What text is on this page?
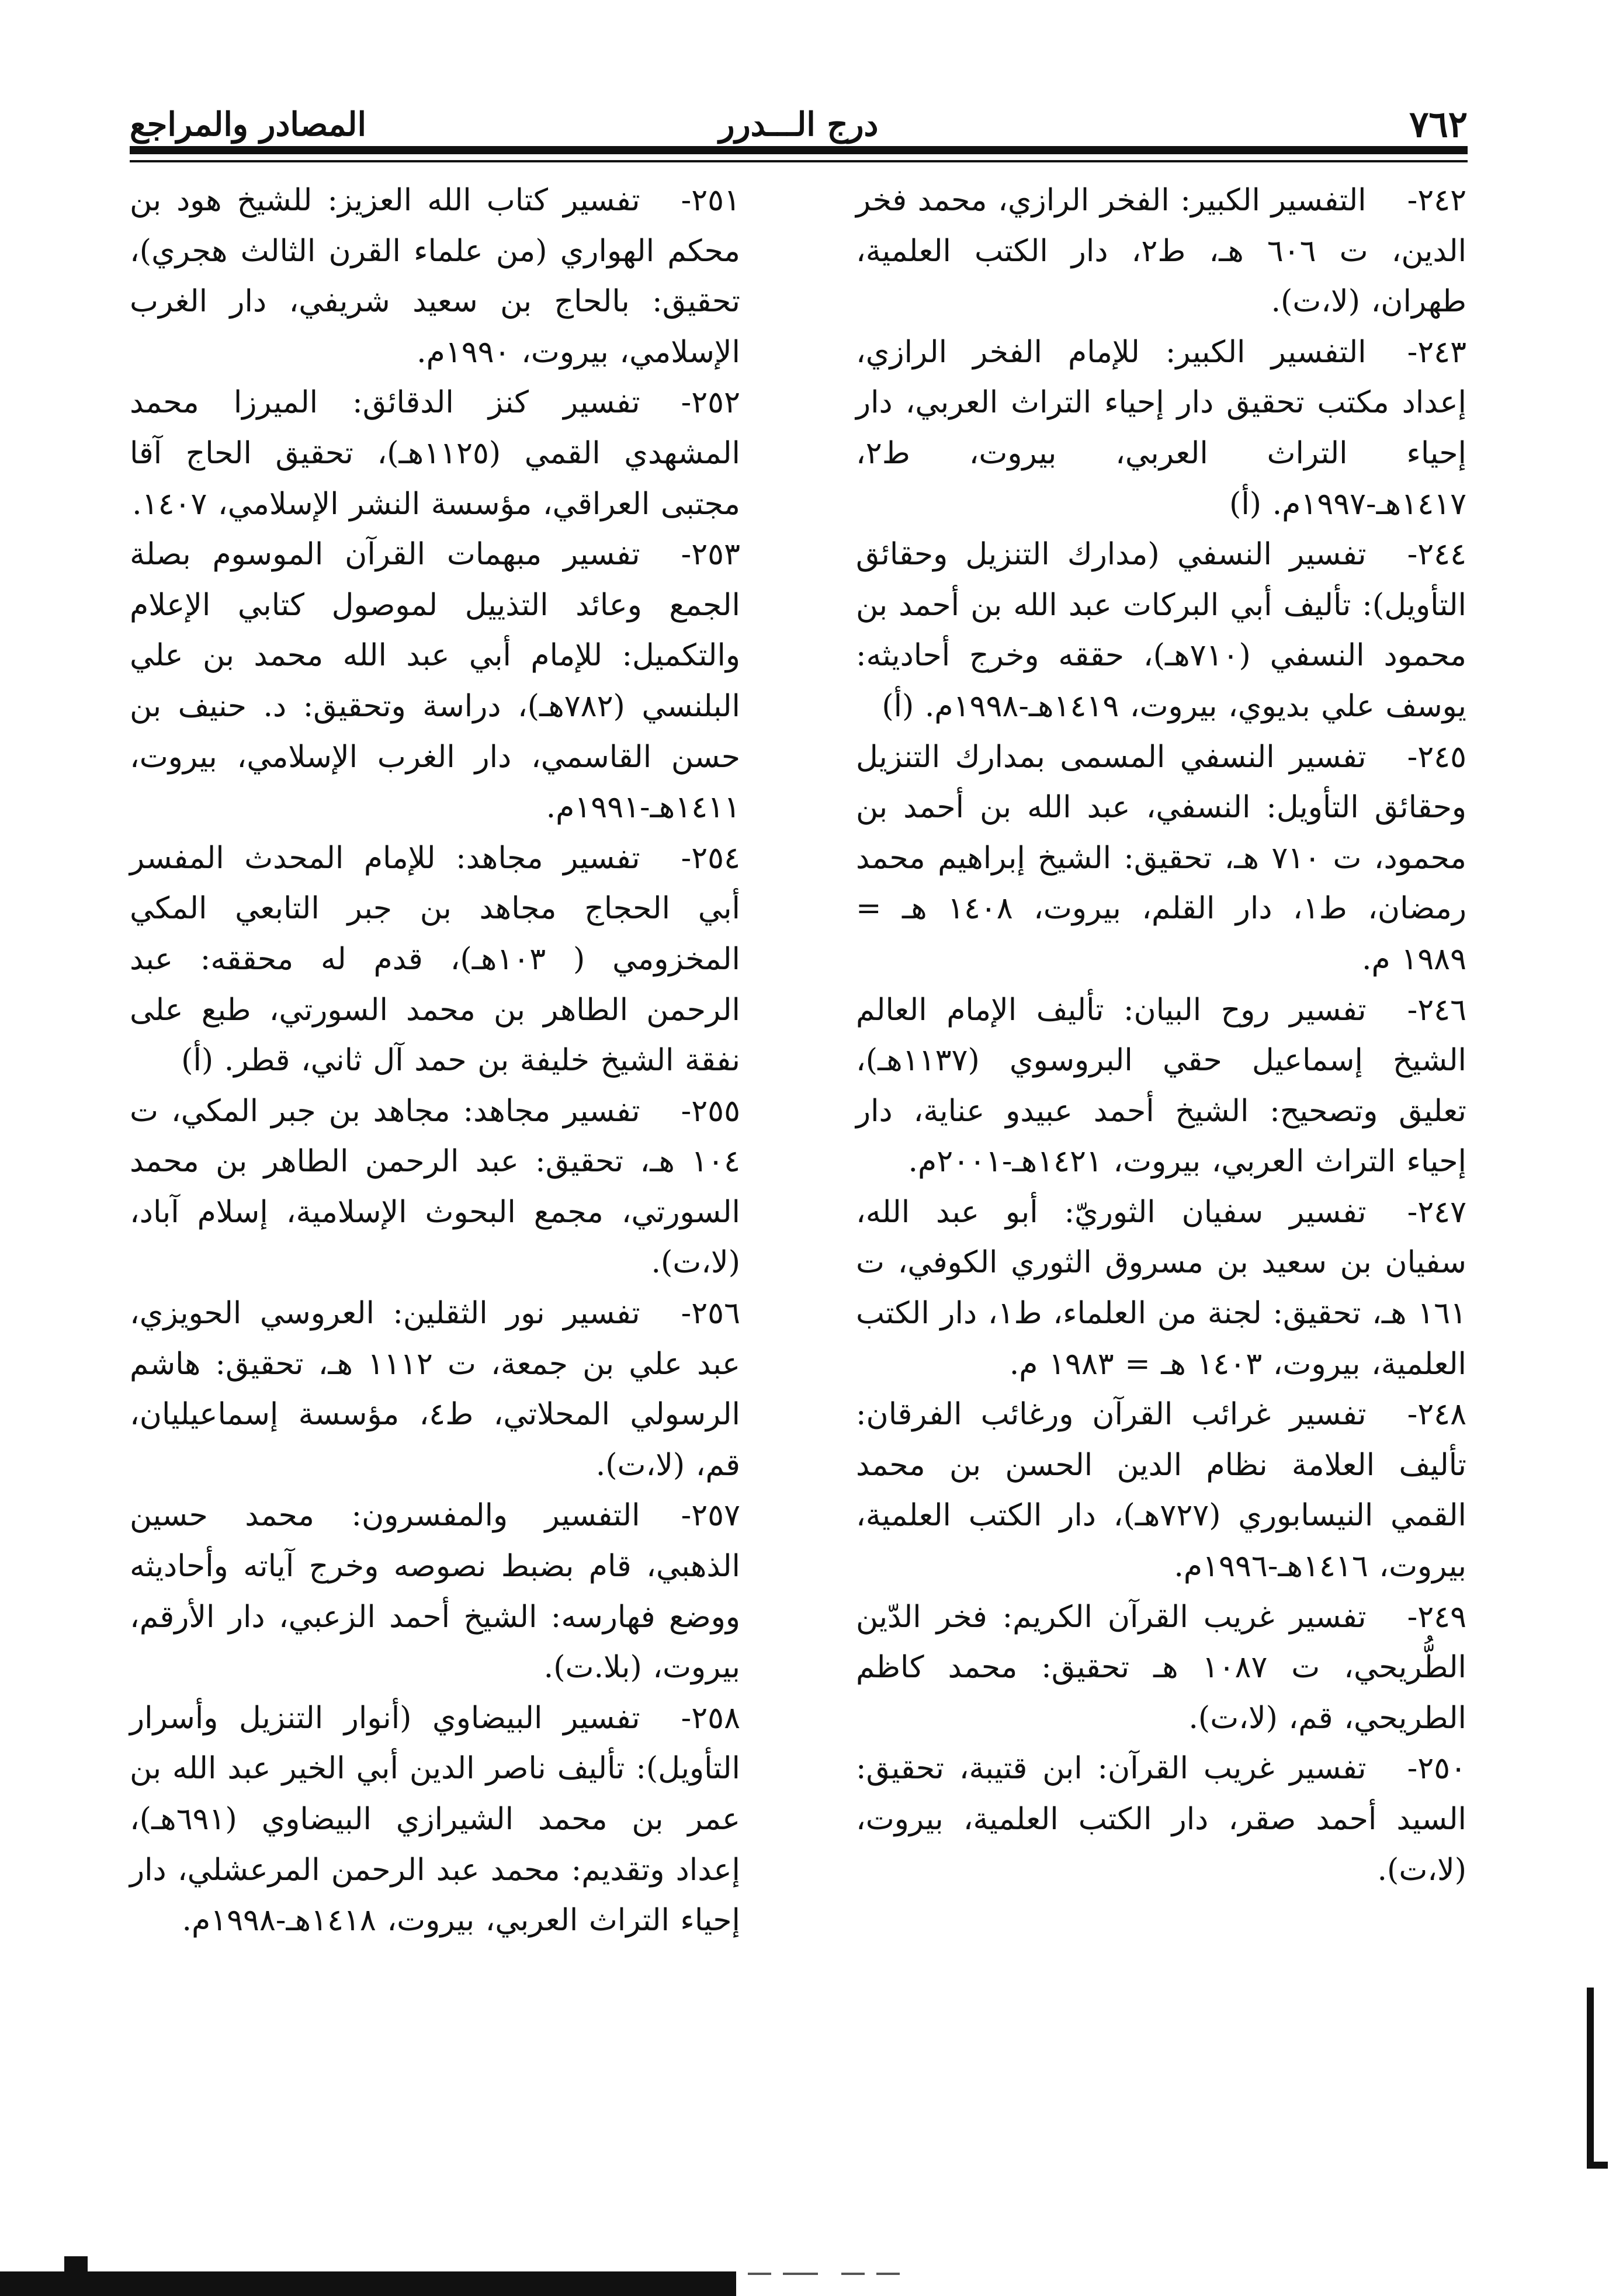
٧٦٢
درج الـــدرر
المصادر والمراجع

٢٤٢-التفسير الكبير: الفخر الرازي، محمد فخر الدين، ت ٦٠٦ هـ، ط٢، دار الكتب العلمية، طهران، (لا،ت).

٢٤٣-التفسير الكبير: للإمام الفخر الرازي، إعداد مكتب تحقيق دار إحياء التراث العربي، دار إحياء التراث العربي، بيروت، ط٢، ١٤١٧هـ-١٩٩٧م. (أ)

٢٤٤-تفسير النسفي (مدارك التنزيل وحقائق التأويل): تأليف أبي البركات عبد الله بن أحمد بن محمود النسفي (٧١٠هـ)، حققه وخرج أحاديثه: يوسف علي بديوي، بيروت، ١٤١٩هـ-١٩٩٨م. (أ)

٢٤٥-تفسير النسفي المسمى بمدارك التنزيل وحقائق التأويل: النسفي، عبد الله بن أحمد بن محمود، ت ٧١٠ هـ، تحقيق: الشيخ إبراهيم محمد رمضان، ط١، دار القلم، بيروت، ١٤٠٨ هـ = ١٩٨٩ م.

٢٤٦-تفسير روح البيان: تأليف الإمام العالم الشيخ إسماعيل حقي البروسوي (١١٣٧هـ)، تعليق وتصحيح: الشيخ أحمد عبيدو عناية، دار إحياء التراث العربي، بيروت، ١٤٢١هـ-٢٠٠١م.

٢٤٧-تفسير سفيان الثوريّ: أبو عبد الله، سفيان بن سعيد بن مسروق الثوري الكوفي، ت ١٦١ هـ، تحقيق: لجنة من العلماء، ط١، دار الكتب العلمية، بيروت، ١٤٠٣ هـ = ١٩٨٣ م.

٢٤٨-تفسير غرائب القرآن ورغائب الفرقان: تأليف العلامة نظام الدين الحسن بن محمد القمي النيسابوري (٧٢٧هـ)، دار الكتب العلمية، بيروت، ١٤١٦هـ-١٩٩٦م.

٢٤٩-تفسير غريب القرآن الكريم: فخر الدّين الطُّريحي، ت ١٠٨٧ هـ تحقيق: محمد كاظم الطريحي، قم، (لا،ت).

٢٥٠-تفسير غريب القرآن: ابن قتيبة، تحقيق: السيد أحمد صقر، دار الكتب العلمية، بيروت، (لا،ت).

٢٥١-تفسير كتاب الله العزيز: للشيخ هود بن محكم الهواري (من علماء القرن الثالث هجري)، تحقيق: بالحاج بن سعيد شريفي، دار الغرب الإسلامي، بيروت، ١٩٩٠م.

٢٥٢-تفسير كنز الدقائق: الميرزا محمد المشهدي القمي (١١٢٥هـ)، تحقيق الحاج آقا مجتبى العراقي، مؤسسة النشر الإسلامي، ١٤٠٧.

٢٥٣-تفسير مبهمات القرآن الموسوم بصلة الجمع وعائد التذييل لموصول كتابي الإعلام والتكميل: للإمام أبي عبد الله محمد بن علي البلنسي (٧٨٢هـ)، دراسة وتحقيق: د. حنيف بن حسن القاسمي، دار الغرب الإسلامي، بيروت، ١٤١١هـ-١٩٩١م.

٢٥٤-تفسير مجاهد: للإمام المحدث المفسر أبي الحجاج مجاهد بن جبر التابعي المكي المخزومي ( ١٠٣هـ)، قدم له محققه: عبد الرحمن الطاهر بن محمد السورتي، طبع على نفقة الشيخ خليفة بن حمد آل ثاني، قطر. (أ)

٢٥٥-تفسير مجاهد: مجاهد بن جبر المكي، ت ١٠٤ هـ، تحقيق: عبد الرحمن الطاهر بن محمد السورتي، مجمع البحوث الإسلامية، إسلام آباد، (لا،ت).

٢٥٦-تفسير نور الثقلين: العروسي الحويزي، عبد علي بن جمعة، ت ١١١٢ هـ، تحقيق: هاشم الرسولي المحلاتي، ط٤، مؤسسة إسماعيليان، قم، (لا،ت).

٢٥٧-التفسير والمفسرون: محمد حسين الذهبي، قام بضبط نصوصه وخرج آياته وأحاديثه ووضع فهارسه: الشيخ أحمد الزعبي، دار الأرقم، بيروت، (بلا.ت).

٢٥٨-تفسير البيضاوي (أنوار التنزيل وأسرار التأويل): تأليف ناصر الدين أبي الخير عبد الله بن عمر بن محمد الشيرازي البيضاوي (٦٩١هـ)، إعداد وتقديم: محمد عبد الرحمن المرعشلي، دار إحياء التراث العربي، بيروت، ١٤١٨هـ-١٩٩٨م.
